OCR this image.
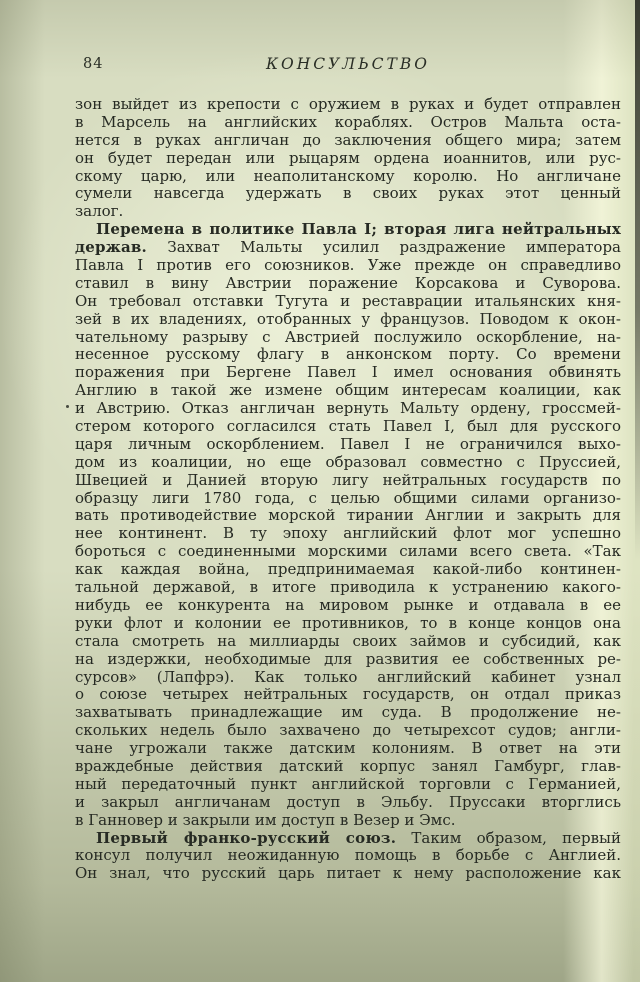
84	КОНСУЛЬСТВО
зон выйдет из крепости с оружием в руках и будет отправлен
в Марсель на английских кораблях. Остров Мальта оста-
нется в руках англичан до заключения общего мира; затем
он будет передан или рыцарям ордена иоаннитов, или рус-
скому царю, или неаполитанскому королю. Но англичане
сумели навсегда удержать в своих руках этот ценный
залог.
Перемена в политике Павла I; вторая лига нейтральных
держав. Захват Мальты усилил раздражение императора
Павла I против его союзников. Уже прежде он справедливо
ставил в вину Австрии поражение Корсакова и Суворова.
Он требовал отставки Тугута и реставрации итальянских кня-
зей в их владениях, отобранных у французов. Поводом к окон-
чательному разрыву с Австрией послужило оскорбление, на-
несенное русскому флагу в анконском порту. Со времени
поражения при Бергене Павел I имел основания обвинять
Англию в такой же измене общим интересам коалиции, как
и Австрию. Отказ англичан вернуть Мальту ордену, гроссмей-
стером которого согласился стать Павел I, был для русского
царя личным оскорблением. Павел I не ограничился выхо-
дом из коалиции, но еще образовал совместно с Пруссией,
Швецией и Данией вторую лигу нейтральных государств по
образцу лиги 1780 года, с целью общими силами организо-
вать противодействие морской тирании Англии и закрыть для
нее континент. В ту эпоху английский флот мог успешно
бороться с соединенными морскими силами всего света. «Так
как каждая война, предпринимаемая какой-либо континен-
тальной державой, в итоге приводила к устранению какого-
нибудь ее конкурента на мировом рынке и отдавала в ее
руки флот и колонии ее противников, то в конце концов она
стала смотреть на миллиарды своих займов и субсидий, как
на издержки, необходимые для развития ее собственных ре-
сурсов» (Лапфрэ). Как только английский кабинет узнал
о союзе четырех нейтральных государств, он отдал приказ
захватывать принадлежащие им суда. В продолжение не-
скольких недель было захвачено до четырехсот судов; англи-
чане угрожали также датским колониям. В ответ на эти
враждебные действия датский корпус занял Гамбург, глав-
ный передаточный пункт английской торговли с Германией,
и закрыл англичанам доступ в Эльбу. Пруссаки вторглись
в Ганновер и закрыли им доступ в Везер и Эмс.
Первый франко-русский союз. Таким образом, первый
консул получил неожиданную помощь в борьбе с Англией.
Он знал, что русский царь питает к нему расположение как
